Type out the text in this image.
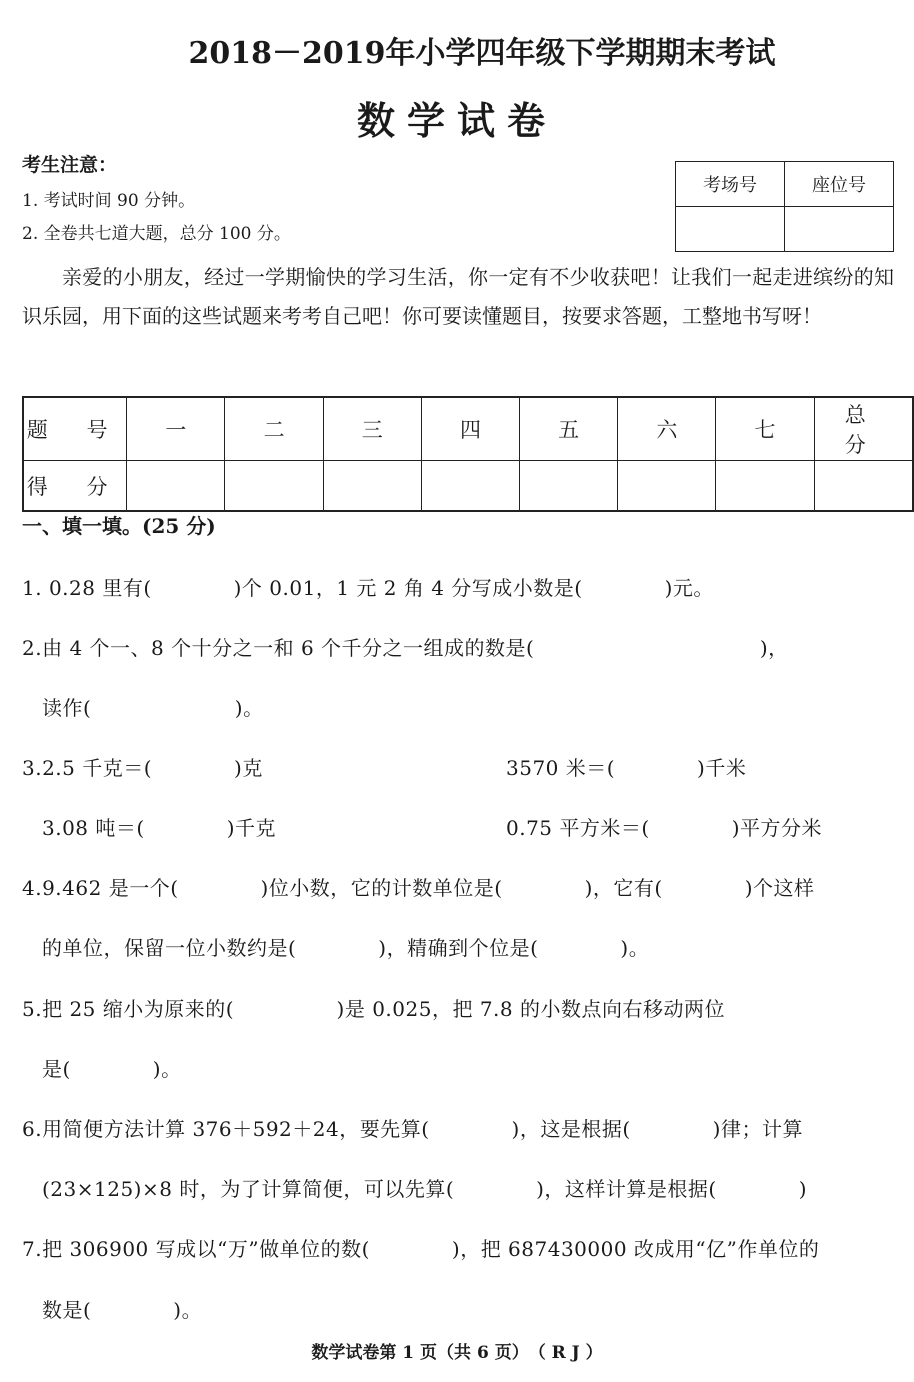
2018－2019年小学四年级下学期期末考试
数学试卷
考生注意：
1. 考试时间 90 分钟。
2. 全卷共七道大题，总分 100 分。
考场号	座位号

亲爱的小朋友，经过一学期愉快的学习生活，你一定有不少收获吧！让我们一起走进缤纷的知识乐园，用下面的这些试题来考考自己吧！你可要读懂题目，按要求答题，工整地书写呀！

题 号	一	二	三	四	五	六	七	总 分
得 分								
一、填一填。(25 分)
1. 0.28 里有(　　　　)个 0.01，1 元 2 角 4 分写成小数是(　　　　)元。
2.由 4 个一、8 个十分之一和 6 个千分之一组成的数是(　　　　　　　　　　　)，
读作(　　　　　　　)。
3.2.5 千克＝(　　　　)克	3570 米＝(　　　　)千米
3.08 吨＝(　　　　)千克	0.75 平方米＝(　　　　)平方分米
4.9.462 是一个(　　　　)位小数，它的计数单位是(　　　　)，它有(　　　　)个这样
的单位，保留一位小数约是(　　　　)，精确到个位是(　　　　)。
5.把 25 缩小为原来的(　　　　　)是 0.025，把 7.8 的小数点向右移动两位
是(　　　　)。
6.用简便方法计算 376＋592＋24，要先算(　　　　)，这是根据(　　　　)律；计算
(23×125)×8 时，为了计算简便，可以先算(　　　　)，这样计算是根据(　　　　)
7.把 306900 写成以“万”做单位的数(　　　　)，把 687430000 改成用“亿”作单位的
数是(　　　　)。
数学试卷第 1 页（共 6 页）　（ R J ）
